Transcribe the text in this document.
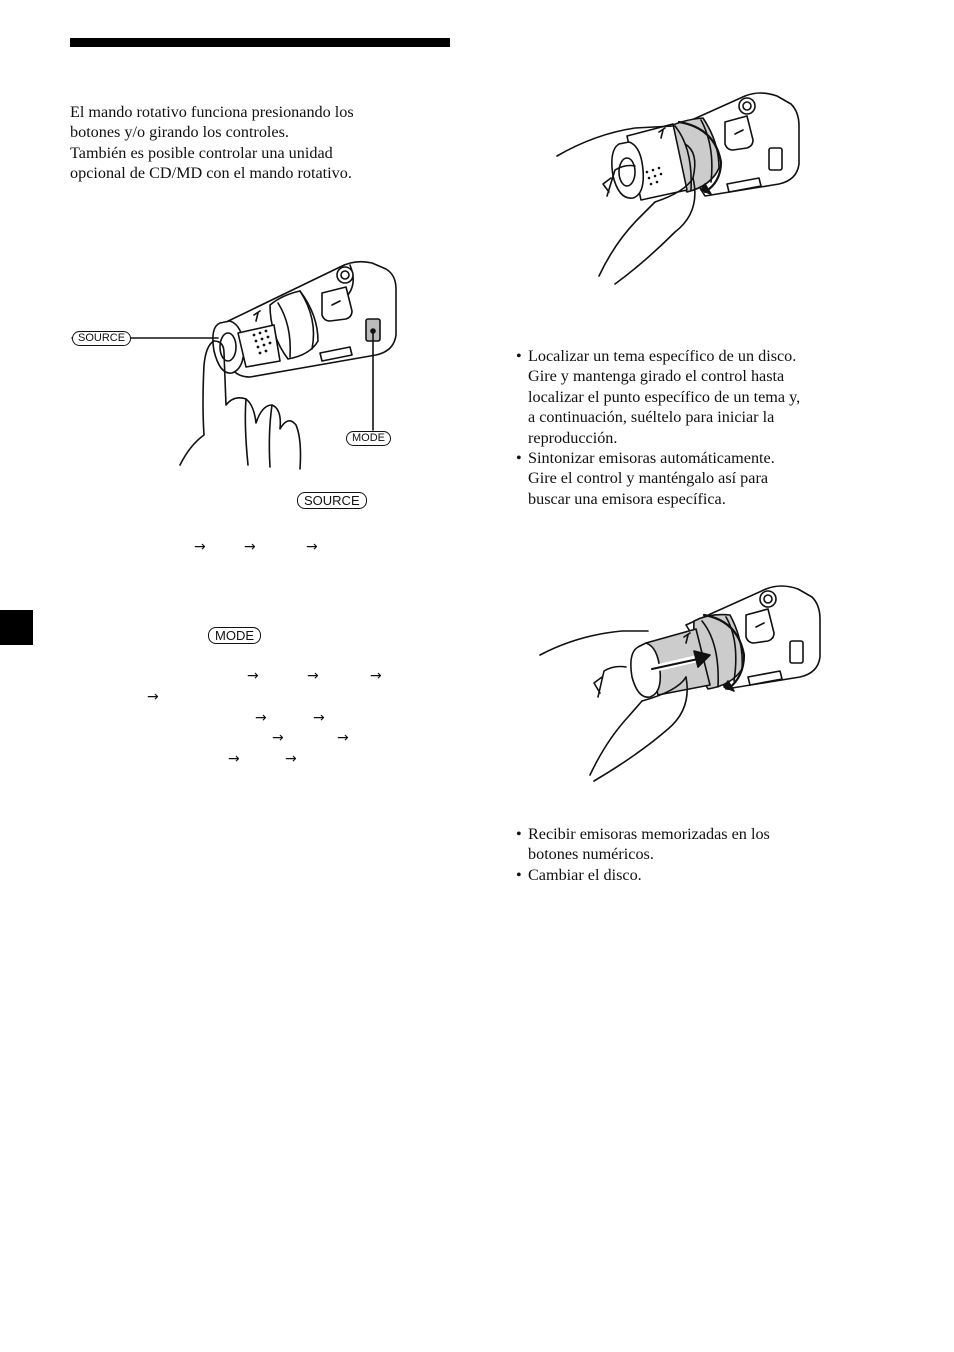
El mando rotativo funciona presionando los
botones y/o girando los controles.
También es posible controlar una unidad
opcional de CD/MD con el mando rotativo.
SOURCE
MODE
SOURCE
→	→	→
MODE
→	→	→
→
→	→
→	→
→	→
• Localizar un tema específico de un disco.
Gire y mantenga girado el control hasta
localizar el punto específico de un tema y,
a continuación, suéltelo para iniciar la
reproducción.
• Sintonizar emisoras automáticamente.
Gire el control y manténgalo así para
buscar una emisora específica.
• Recibir emisoras memorizadas en los
botones numéricos.
• Cambiar el disco.
